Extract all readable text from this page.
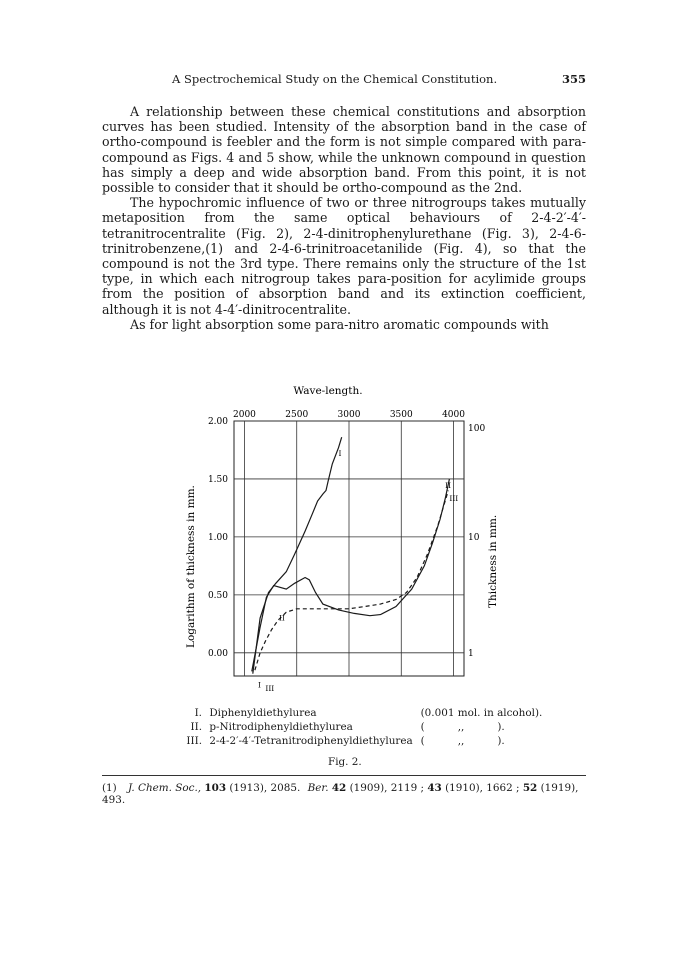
A Spectrochemical Study on the Chemical Constitution.	355

A relationship between these chemical constitutions and absorption curves has been studied. Intensity of the absorption band in the case of ortho-compound is feebler and the form is not simple compared with para-compound as Figs. 4 and 5 show, while the unknown compound in question has simply a deep and wide absorption band. From this point, it is not possible to consider that it should be ortho-compound as the 2nd.

The hypochromic influence of two or three nitrogroups takes mutually metaposition from the same optical behaviours of 2-4-2′-4′-tetranitrocentralite (Fig. 2), 2-4-dinitrophenylurethane (Fig. 3), 2-4-6-trinitrobenzene,(1) and 2-4-6-trinitroacetanilide (Fig. 4), so that the compound is not the 3rd type. There remains only the structure of the 1st type, in which each nitrogroup takes para-position for acylimide groups from the position of absorption band and its extinction coefficient, although it is not 4-4′-dinitrocentralite.

As for light absorption some para-nitro aromatic compounds with

Wave-length.
2000	2500	3000	3500	4000
0.00
0.50
1.00
1.50
2.00
1
10
100
I
II
III
I III
II
Logarithm of thickness in mm.	Thickness in mm.
I. Diphenyldiethylurea	(0.001 mol. in alcohol).
II. p-Nitrodiphenyldiethylurea	(          ,,          ).
III. 2-4-2′-4′-Tetranitrodiphenyldiethylurea (          ,,          ).
Fig. 2.
(1) J. Chem. Soc., 103 (1913), 2085. Ber. 42 (1909), 2119 ; 43 (1910), 1662 ; 52 (1919), 493.
